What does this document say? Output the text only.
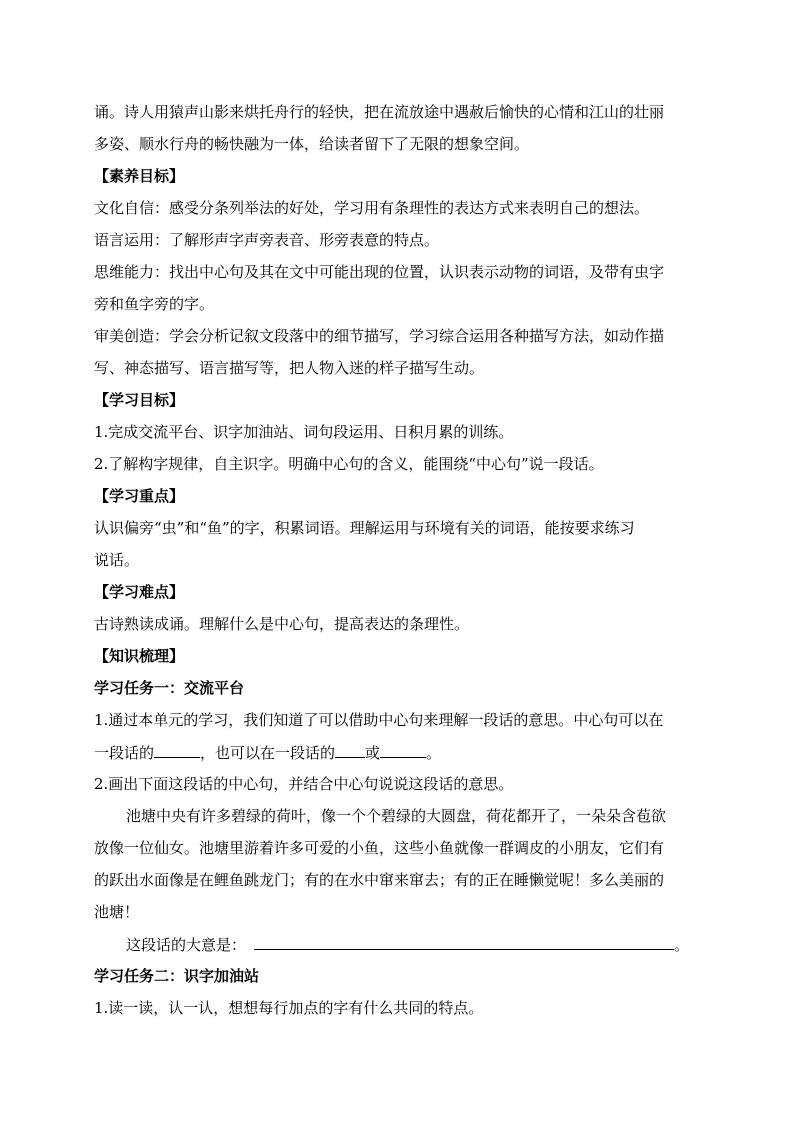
诵。诗人用猿声山影来烘托舟行的轻快，把在流放途中遇赦后愉快的心情和江山的壮丽
多姿、顺水行舟的畅快融为一体，给读者留下了无限的想象空间。
【素养目标】
文化自信：感受分条列举法的好处，学习用有条理性的表达方式来表明自己的想法。
语言运用：了解形声字声旁表音、形旁表意的特点。
思维能力：找出中心句及其在文中可能出现的位置，认识表示动物的词语，及带有虫字
旁和鱼字旁的字。
审美创造：学会分析记叙文段落中的细节描写，学习综合运用各种描写方法，如动作描
写、神态描写、语言描写等，把人物入迷的样子描写生动。
【学习目标】
1.完成交流平台、识字加油站、词句段运用、日积月累的训练。
2.了解构字规律，自主识字。明确中心句的含义，能围绕“中心句”说一段话。
【学习重点】
认识偏旁“虫”和“鱼”的字，积累词语。理解运用与环境有关的词语，能按要求练习
说话。
【学习难点】
古诗熟读成诵。理解什么是中心句，提高表达的条理性。
【知识梳理】
学习任务一：交流平台
1.通过本单元的学习，我们知道了可以借助中心句来理解一段话的意思。中心句可以在
一段话的	，也可以在一段话的 或	。
2.画出下面这段话的中心句，并结合中心句说说这段话的意思。
池塘中央有许多碧绿的荷叶，像一个个碧绿的大圆盘，荷花都开了，一朵朵含苞欲
放像一位仙女。池塘里游着许多可爱的小鱼，这些小鱼就像一群调皮的小朋友，它们有
的跃出水面像是在鲤鱼跳龙门；有的在水中窜来窜去；有的正在睡懒觉呢！多么美丽的
池塘！
这段话的大意是：	。
学习任务二：识字加油站
1.读一读，认一认，想想每行加点的字有什么共同的特点。
